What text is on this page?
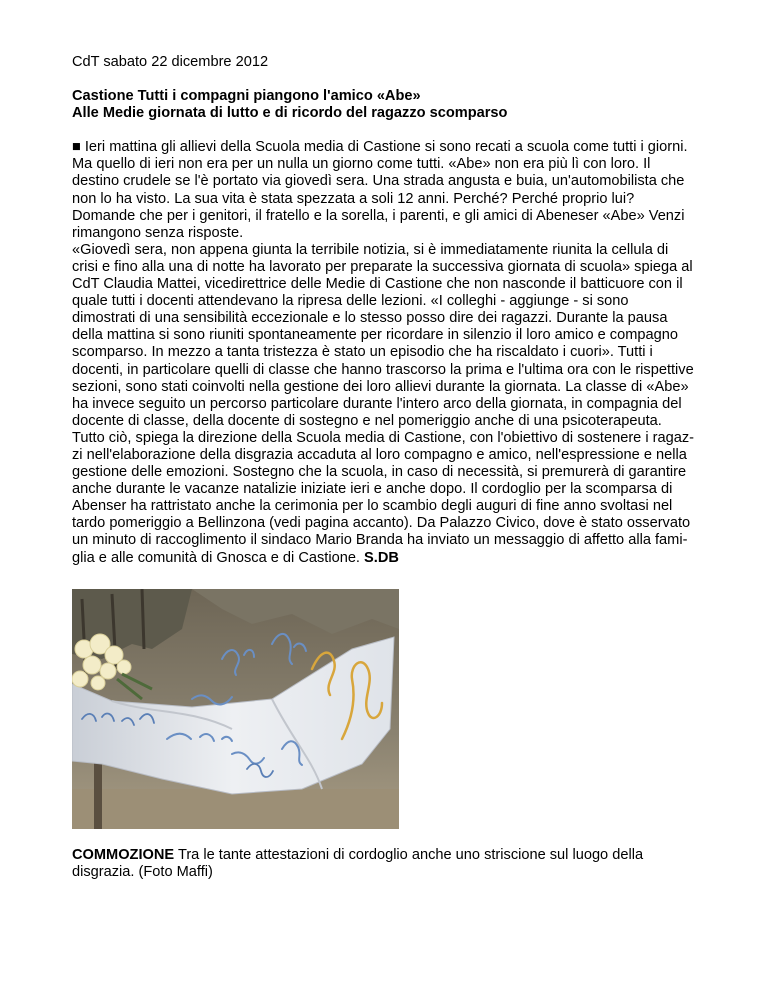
CdT sabato 22 dicembre 2012
Castione Tutti i compagni piangono l'amico «Abe»
Alle Medie giornata di lutto e di ricordo del ragazzo scomparso
■ Ieri mattina gli allievi della Scuola media di Castione si sono recati a scuola come tutti i giorni.
Ma quello di ieri non era per un nulla un giorno come tutti. «Abe» non era più lì con loro. Il
destino crudele se l'è portato via giovedì sera. Una strada angusta e buia, un'automobilista che
non lo ha visto. La sua vita è stata spezzata a soli 12 anni. Perché? Perché proprio lui?
Domande che per i genitori, il fratello e la sorella, i parenti, e gli amici di Abeneser «Abe» Venzi
rimangono senza risposte.
«Giovedì sera, non appena giunta la terribile notizia, si è immediatamente riunita la cellula di
crisi e fino alla una di notte ha lavorato per preparate la successiva giornata di scuola» spiega al
CdT Claudia Mattei, vicedirettrice delle Medie di Castione che non nasconde il batticuore con il
quale tutti i docenti attendevano la ripresa delle lezioni. «I colleghi - aggiunge - si sono
dimostrati di una sensibilità eccezionale e lo stesso posso dire dei ragazzi. Durante la pausa
della mattina si sono riuniti spontaneamente per ricordare in silenzio il loro amico e compagno
scomparso. In mezzo a tanta tristezza è stato un episodio che ha riscaldato i cuori». Tutti i
docenti, in particolare quelli di classe che hanno trascorso la prima e l'ultima ora con le rispettive
sezioni, sono stati coinvolti nella gestione dei loro allievi durante la giornata. La classe di «Abe»
ha invece seguito un percorso particolare durante l'intero arco della giornata, in compagnia del
docente di classe, della docente di sostegno e nel pomeriggio anche di una psicoterapeuta.
Tutto ciò, spiega la direzione della Scuola media di Castione, con l'obiettivo di sostenere i ragaz-
zi nell'elaborazione della disgrazia accaduta al loro compagno e amico, nell'espressione e nella
gestione delle emozioni. Sostegno che la scuola, in caso di necessità, si premurerà di garantire
anche durante le vacanze natalizie iniziate ieri e anche dopo. Il cordoglio per la scomparsa di
Abenser ha rattristato anche la cerimonia per lo scambio degli auguri di fine anno svoltasi nel
tardo pomeriggio a Bellinzona (vedi pagina accanto). Da Palazzo Civico, dove è stato osservato
un minuto di raccoglimento il sindaco Mario Branda ha inviato un messaggio di affetto alla fami-
glia e alle comunità di Gnosca e di Castione. S.DB
COMMOZIONE Tra le tante attestazioni di cordoglio anche uno striscione sul luogo della
disgrazia. (Foto Maffi)
